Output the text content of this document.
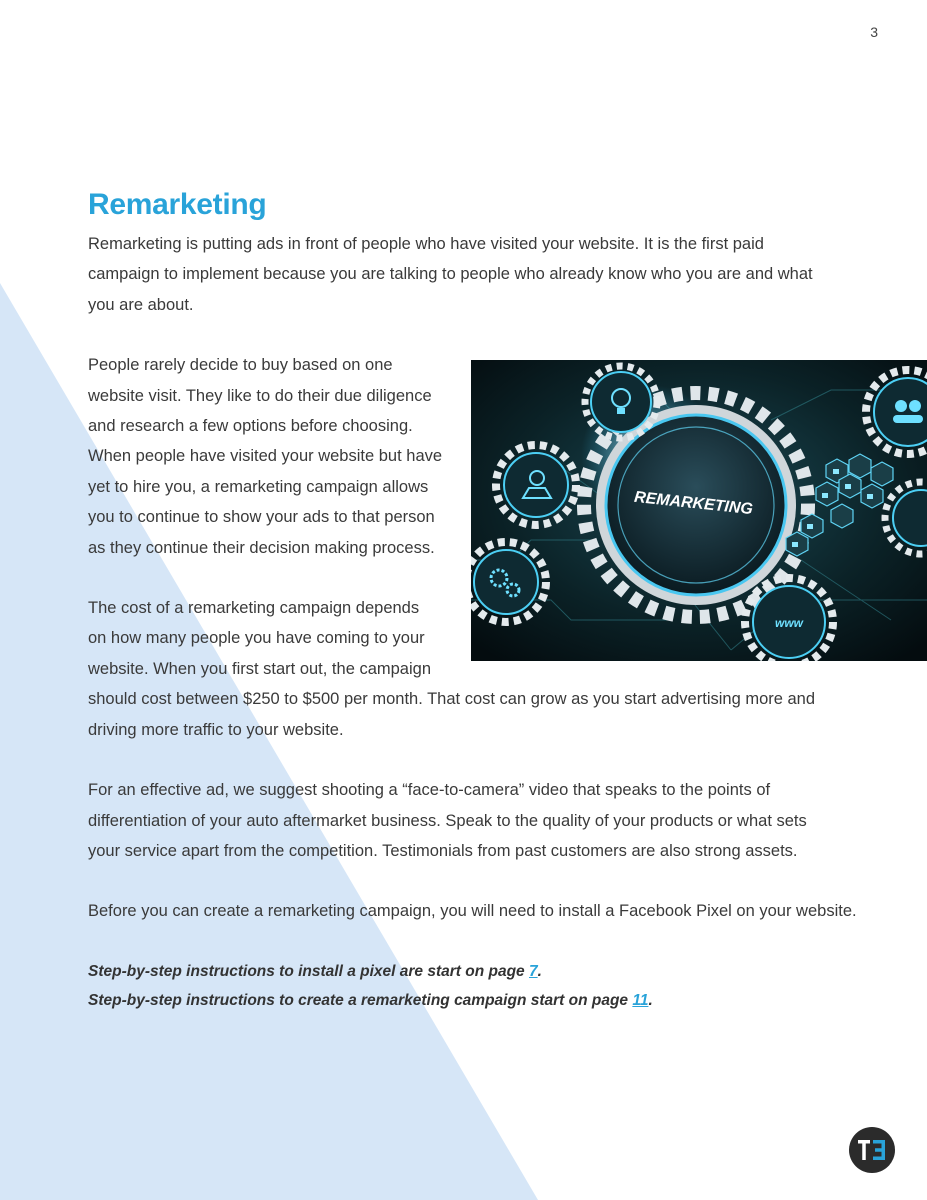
3
Remarketing

Remarketing is putting ads in front of people who have visited your website. It is the first paid campaign to implement because you are talking to people who already know who you are and what you are about.

People rarely decide to buy based on one website visit. They like to do their due diligence and research a few options before choosing. When people have visited your website but have yet to hire you, a remarketing campaign allows you to continue to show your ads to that person as they continue their decision making process.

The cost of a remarketing campaign depends on how many people you have coming to your website. When you first start out, the campaign

should cost between $250 to $500 per month. That cost can grow as you start advertising more and driving more traffic to your website.

For an effective ad, we suggest shooting a “face-to-camera” video that speaks to the points of differentiation of your auto aftermarket business. Speak to the quality of your products or what sets your service apart from the competition. Testimonials from past customers are also strong assets.

Before you can create a remarketing campaign, you will need to install a Facebook Pixel on your website.

Step-by-step instructions to install a pixel are start on page 7.

Step-by-step instructions to create a remarketing campaign start on page 11.

REMARKETING
www
